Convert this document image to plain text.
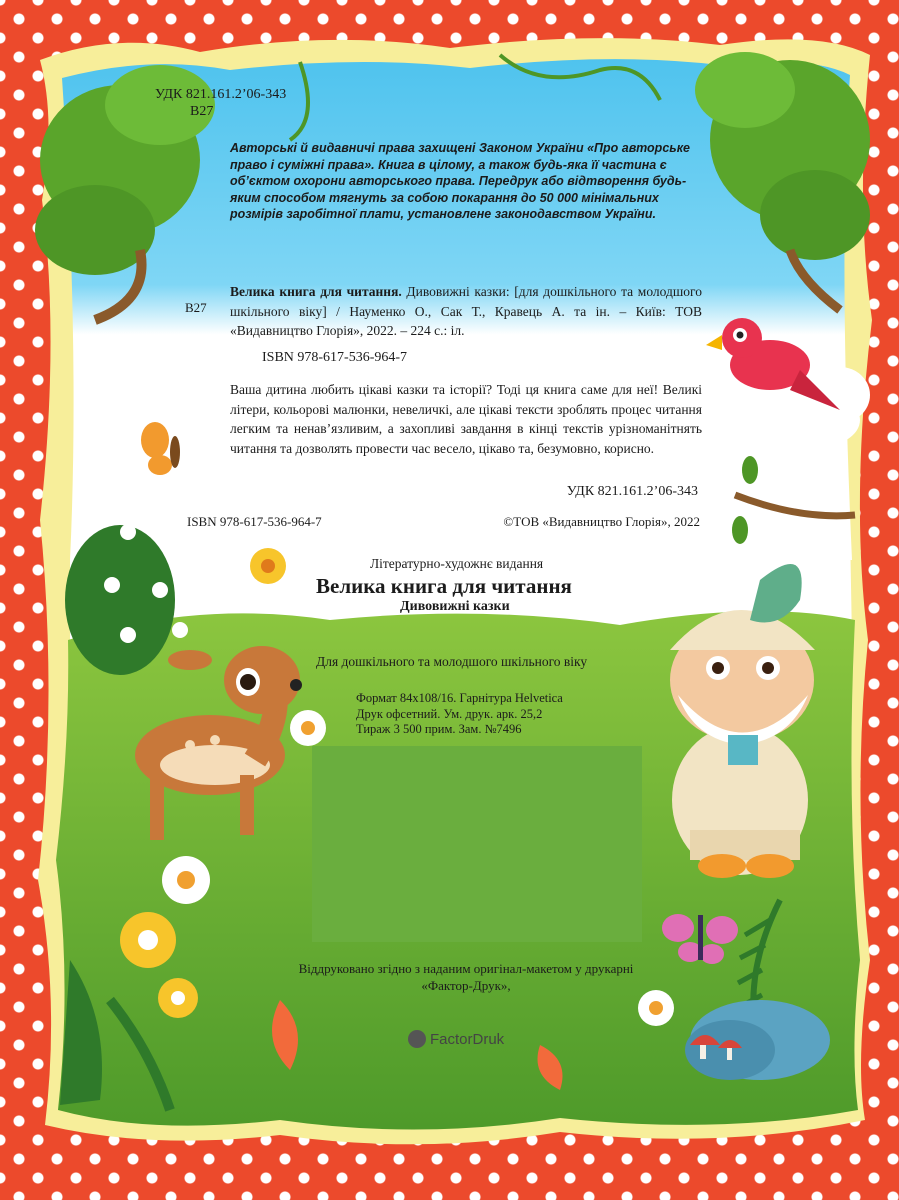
УДК 821.161.2’06-343
В27
Авторські й видавничі права захищені Законом України «Про авторське право і суміжні права». Книга в цілому, а також будь-яка її частина є об’єктом охорони авторського права. Передрук або відтворення будь-яким способом тягнуть за собою покарання до 50 000 мінімальних розмірів заробітної плати, установлене законодавством України.
В27
Велика книга для читання. Дивовижні казки: [для дошкільного та молодшого шкільного віку] / Науменко О., Сак Т., Кравець А. та ін. – Київ: ТОВ «Видавництво Глорія», 2022. – 224 с.: іл.
ISBN 978-617-536-964-7
Ваша дитина любить цікаві казки та історії? Тоді ця книга саме для неї! Великі літери, кольорові малюнки, невеличкі, але цікаві тексти зроблять процес читання легким та ненав’язливим, а захопливі завдання в кінці текстів урізноманітнять читання та дозволять провести час весело, цікаво та, безумовно, корисно.
УДК 821.161.2’06-343
ISBN 978-617-536-964-7	©ТОВ «Видавництво Глорія», 2022
Літературно-художнє видання
Велика книга для читання
Дивовижні казки
Для дошкільного та молодшого шкільного віку
Формат 84х108/16. Гарнітура Helvetica
Друк офсетний. Ум. друк. арк. 25,2
Тираж 3 500 прим. Зам. №7496
Віддруковано згідно з наданим оригінал-макетом у друкарні
«Фактор-Друк»,
FactorDruk
